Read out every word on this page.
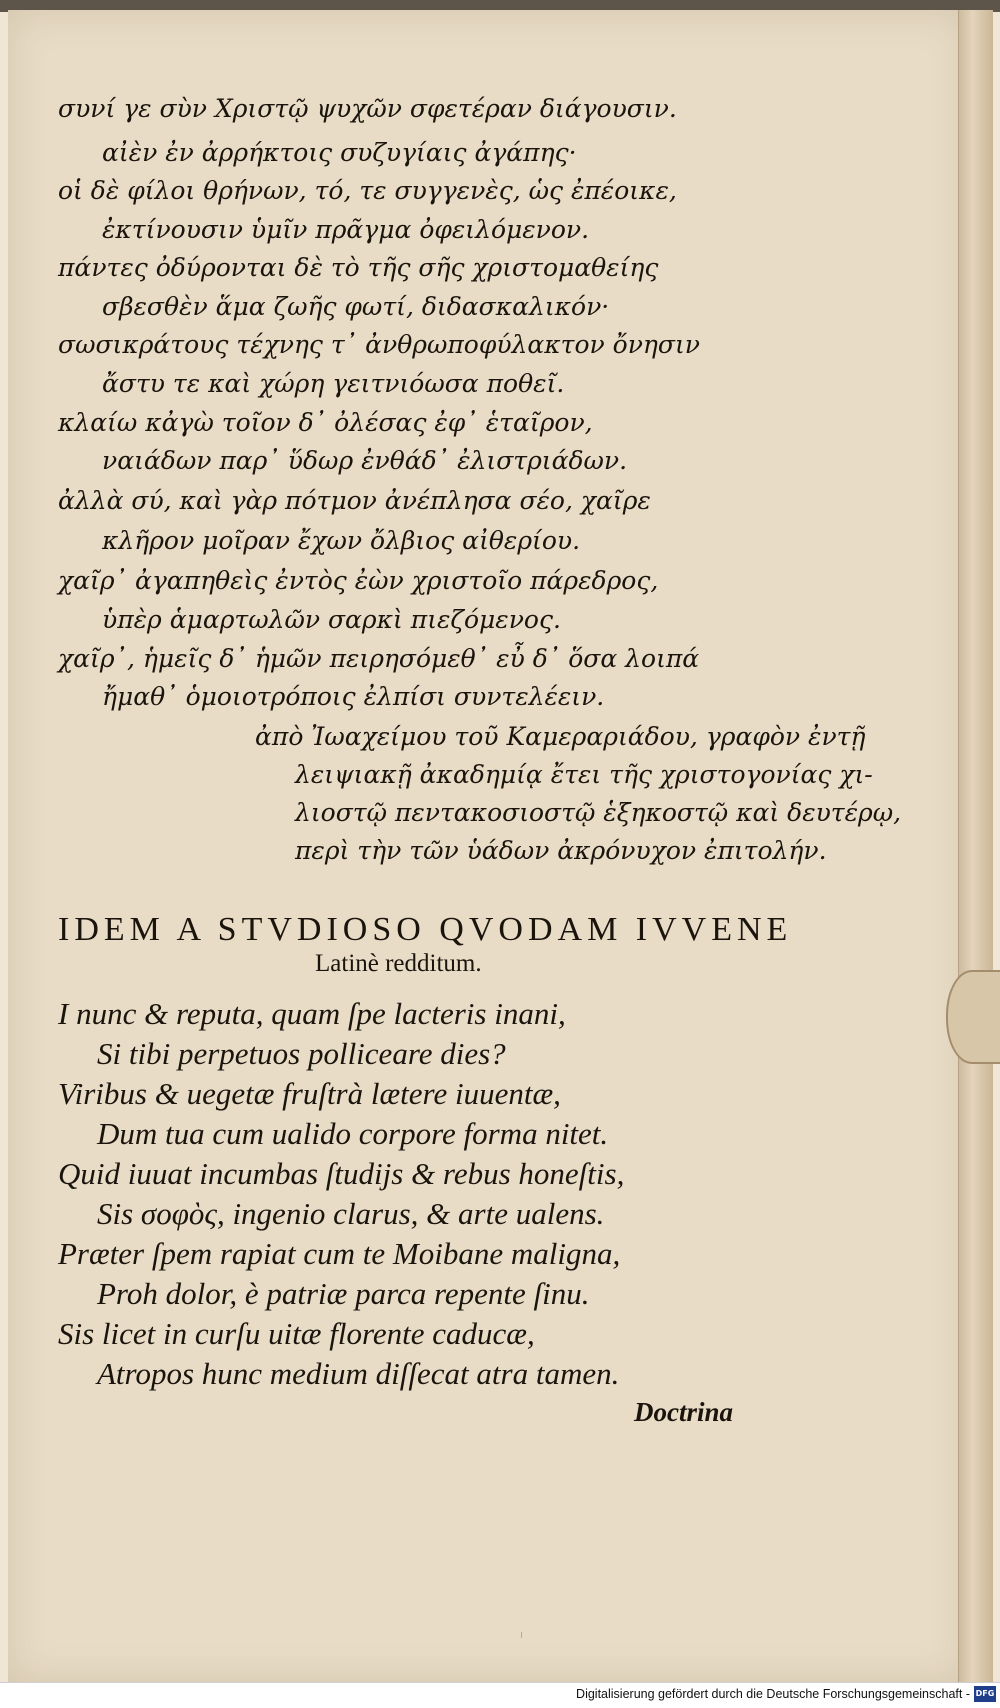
συνί γε σὺν Χριστῷ ψυχῶν σφετέραν διάγουσιν.

αἰὲν ἐν ἀρρήκτοις συζυγίαις ἀγάπης·

οἱ δὲ φίλοι θρήνων, τό, τε συγγενὲς, ὡς ἐπέοικε,

ἐκτίνουσιν ὑμῖν πρᾶγμα ὀφειλόμενον.

πάντες ὀδύρονται δὲ τὸ τῆς σῆς χριστομαθείης

σβεσθὲν ἅμα ζωῆς φωτί, διδασκαλικόν·

σωσικράτους τέχνης τ᾽ ἀνθρωποφύλακτον ὄνησιν

ἄστυ τε καὶ χώρη γειτνιόωσα ποθεῖ.

κλαίω κἀγὼ τοῖον δ᾽ ὀλέσας ἐφ᾽ ἑταῖρον,

ναιάδων παρ᾽ ὕδωρ ἐνθάδ᾽ ἐλιστριάδων.

ἀλλὰ σύ, καὶ γὰρ πότμον ἀνέπλησα σέο, χαῖρε

κλῆρον μοῖραν ἔχων ὄλβιος αἰθερίου.

χαῖρ᾽ ἀγαπηθεὶς ἐντὸς ἐὼν χριστοῖο πάρεδρος,

ὑπὲρ ἁμαρτωλῶν σαρκὶ πιεζόμενος.

χαῖρ᾽, ἡμεῖς δ᾽ ἡμῶν πειρησόμεθ᾽ εὖ δ᾽ ὅσα λοιπά

ἤμαθ᾽ ὁμοιοτρόποις ἐλπίσι συντελέειν.

ἀπὸ Ἰωαχείμου τοῦ Καμεραριάδου, γραφὸν ἐντῇ

λειψιακῇ ἀκαδημίᾳ ἔτει τῆς χριστογονίας χι-

λιοστῷ πεντακοσιοστῷ ἑξηκοστῷ καὶ δευτέρῳ,

περὶ τὴν τῶν ὑάδων ἀκρόνυχον ἐπιτολήν.

IDEM A STVDIOSO QVODAM IVVENE

Latinè redditum.

I nunc & reputa, quam ſpe lacteris inani,

Si tibi perpetuos polliceare dies?

Viribus & uegetæ fruſtrà lætere iuuentæ,

Dum tua cum ualido corpore forma nitet.

Quid iuuat incumbas ſtudijs & rebus honeſtis,

Sis σοφὸς, ingenio clarus, & arte ualens.

Præter ſpem rapiat cum te Moibane maligna,

Proh dolor, è patriæ parca repente ſinu.

Sis licet in curſu uitæ florente caducæ,

Atropos hunc medium diſſecat atra tamen.

Doctrina

ı

Digitalisierung gefördert durch die Deutsche Forschungsgemeinschaft - DFG
